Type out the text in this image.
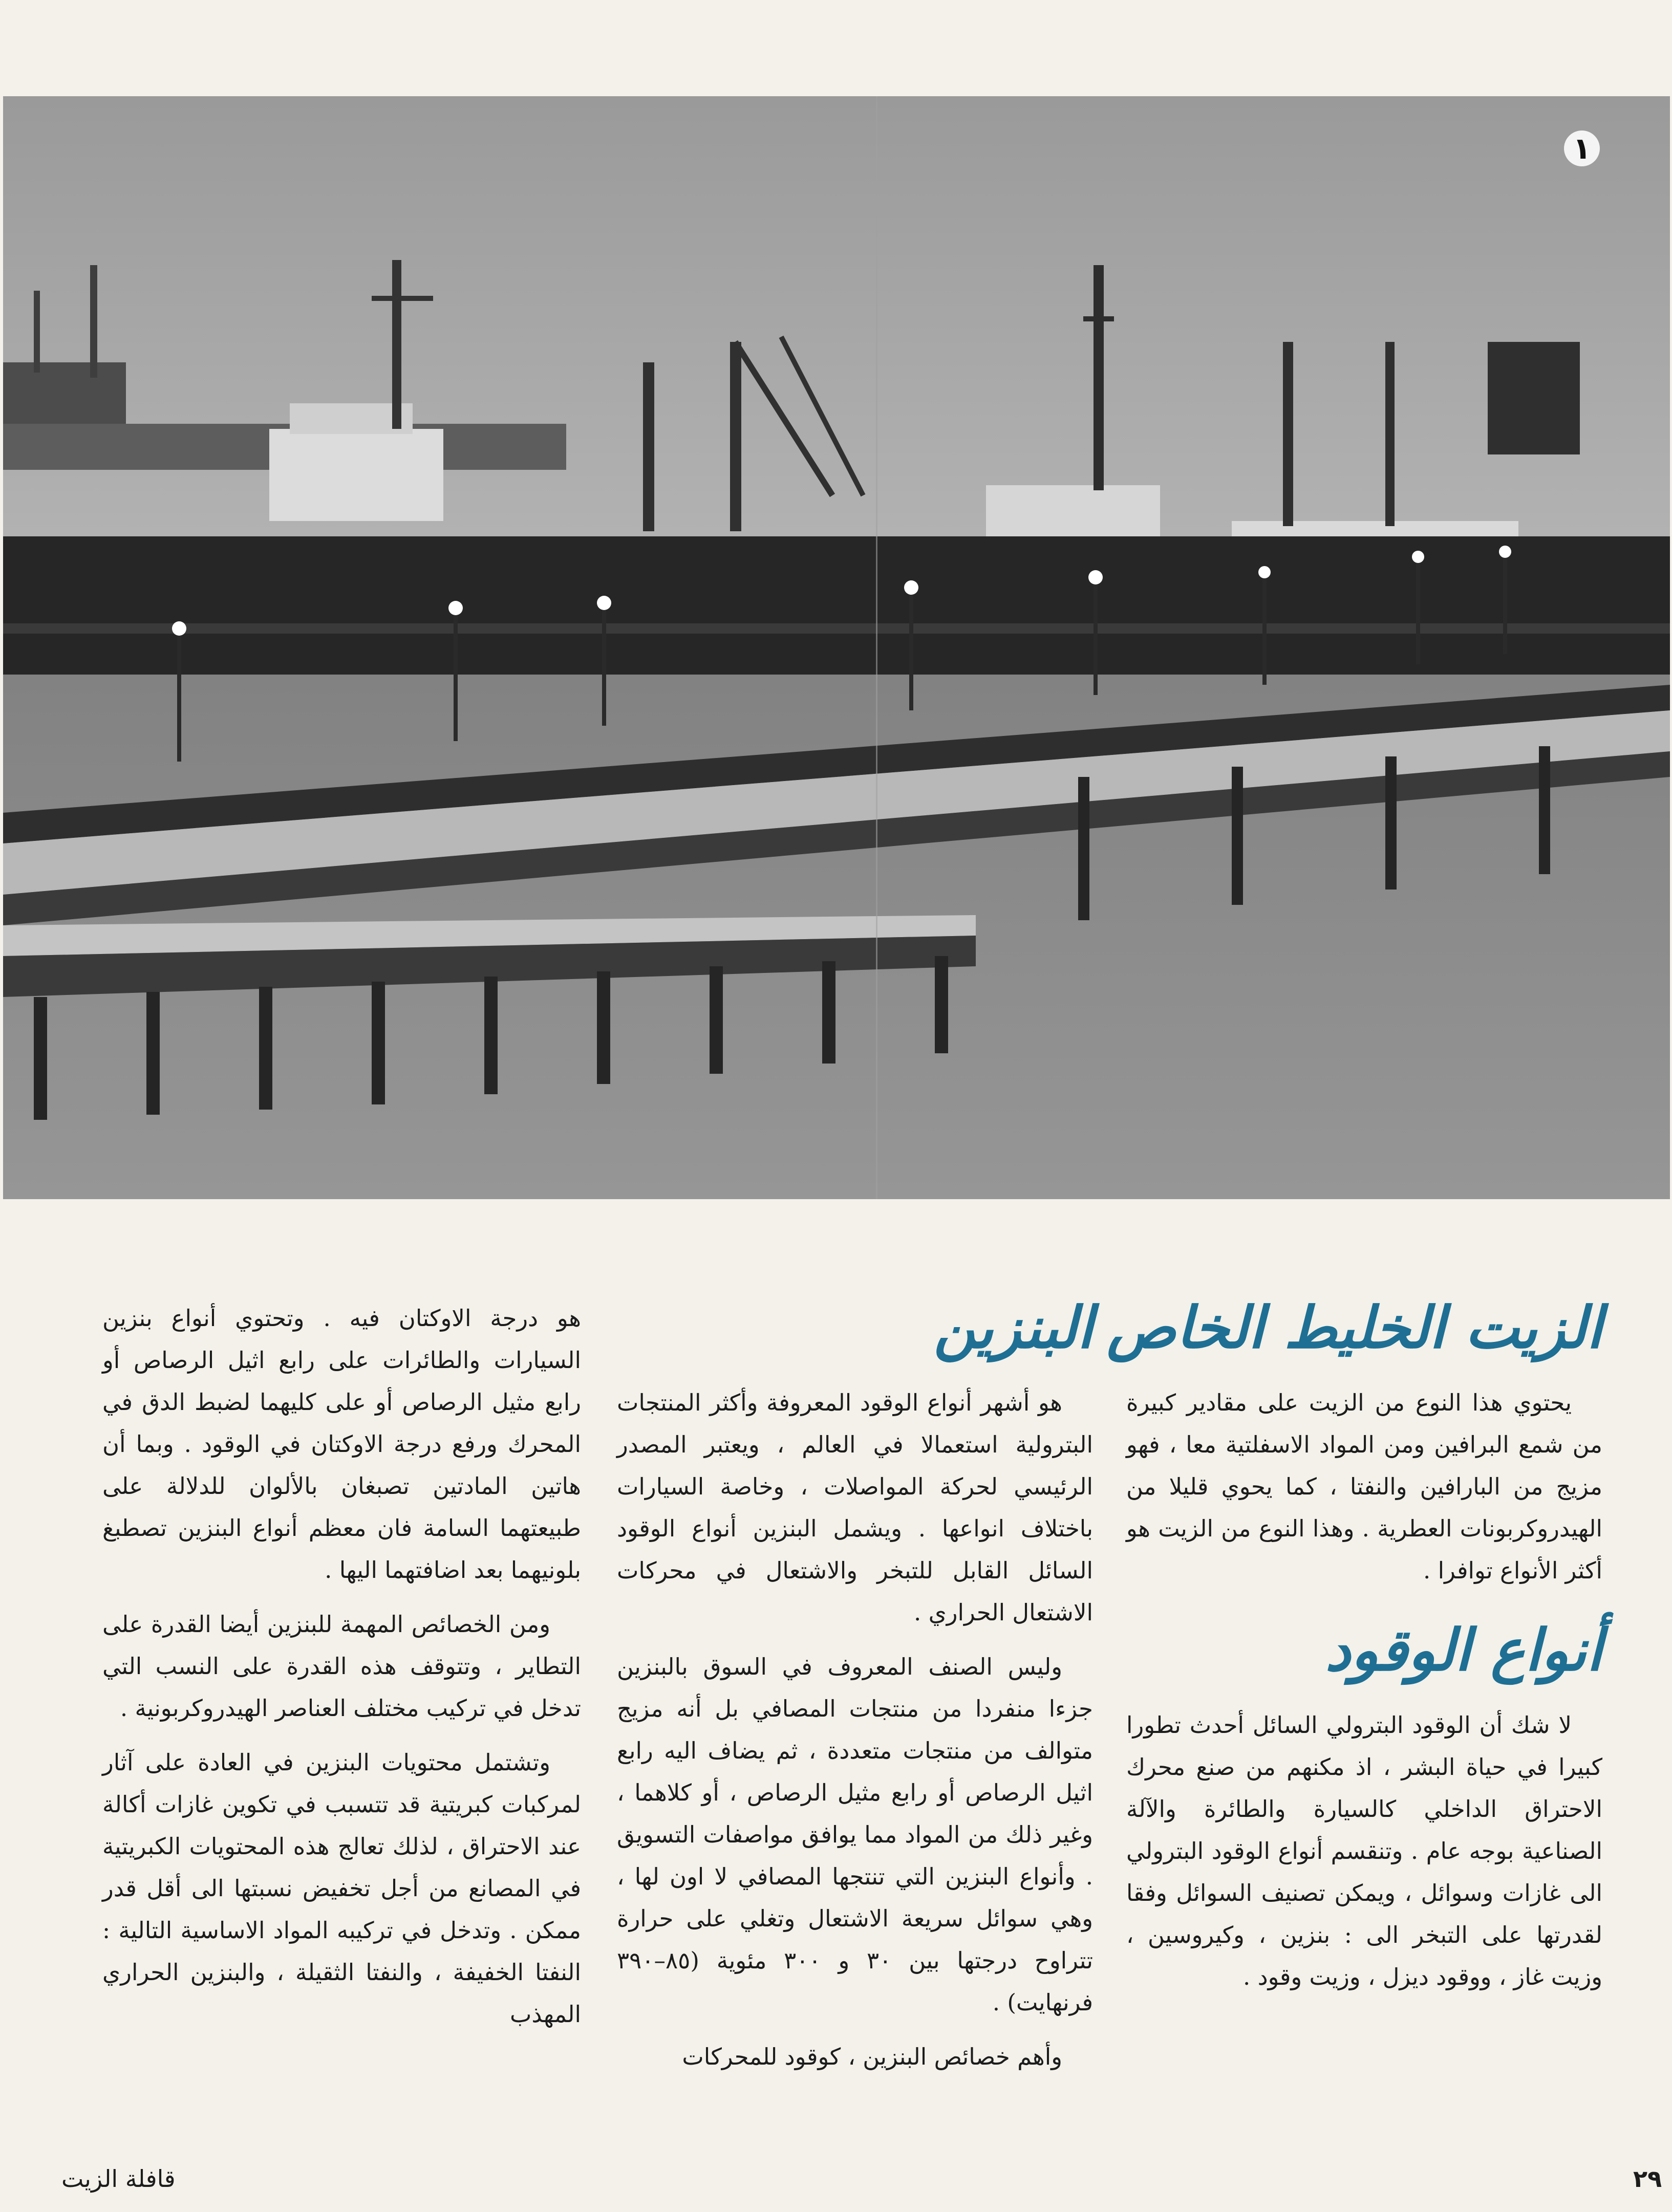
١
الزيت الخليط الخاص

يحتوي هذا النوع من الزيت على مقادير كبيرة من شمع البرافين ومن المواد الاسفلتية معا ، فهو مزيج من البارافين والنفتا ، كما يحوي قليلا من الهيدروكربونات العطرية . وهذا النوع من الزيت هو أكثر الأنواع توافرا .

أنواع الوقود

لا شك أن الوقود البترولي السائل أحدث تطورا كبيرا في حياة البشر ، اذ مكنهم من صنع محرك الاحتراق الداخلي كالسيارة والطائرة والآلة الصناعية بوجه عام . وتنقسم أنواع الوقود البترولي الى غازات وسوائل ، ويمكن تصنيف السوائل وفقا لقدرتها على التبخر الى : بنزين ، وكيروسين ، وزيت غاز ، ووقود ديزل ، وزيت وقود .

البنزين

هو أشهر أنواع الوقود المعروفة وأكثر المنتجات البترولية استعمالا في العالم ، ويعتبر المصدر الرئيسي لحركة المواصلات ، وخاصة السيارات باختلاف انواعها . ويشمل البنزين أنواع الوقود السائل القابل للتبخر والاشتعال في محركات الاشتعال الحراري .

وليس الصنف المعروف في السوق بالبنزين جزءا منفردا من منتجات المصافي بل أنه مزيج متوالف من منتجات متعددة ، ثم يضاف اليه رابع اثيل الرصاص أو رابع مثيل الرصاص ، أو كلاهما ، وغير ذلك من المواد مما يوافق مواصفات التسويق . وأنواع البنزين التي تنتجها المصافي لا اون لها ، وهي سوائل سريعة الاشتعال وتغلي على حرارة تتراوح درجتها بين ٣٠ و ٣٠٠ مئوية (٨٥–٣٩٠ فرنهايت) .

وأهم خصائص البنزين ، كوقود للمحركات

هو درجة الاوكتان فيه . وتحتوي أنواع بنزين السيارات والطائرات على رابع اثيل الرصاص أو رابع مثيل الرصاص أو على كليهما لضبط الدق في المحرك ورفع درجة الاوكتان في الوقود . وبما أن هاتين المادتين تصبغان بالألوان للدلالة على طبيعتهما السامة فان معظم أنواع البنزين تصطبغ بلونيهما بعد اضافتهما اليها .

ومن الخصائص المهمة للبنزين أيضا القدرة على التطاير ، وتتوقف هذه القدرة على النسب التي تدخل في تركيب مختلف العناصر الهيدروكربونية .

وتشتمل محتويات البنزين في العادة على آثار لمركبات كبريتية قد تتسبب في تكوين غازات أكالة عند الاحتراق ، لذلك تعالج هذه المحتويات الكبريتية في المصانع من أجل تخفيض نسبتها الى أقل قدر ممكن . وتدخل في تركيبه المواد الاساسية التالية : النفتا الخفيفة ، والنفتا الثقيلة ، والبنزين الحراري المهذب

٢٩
قافلة الزيت
